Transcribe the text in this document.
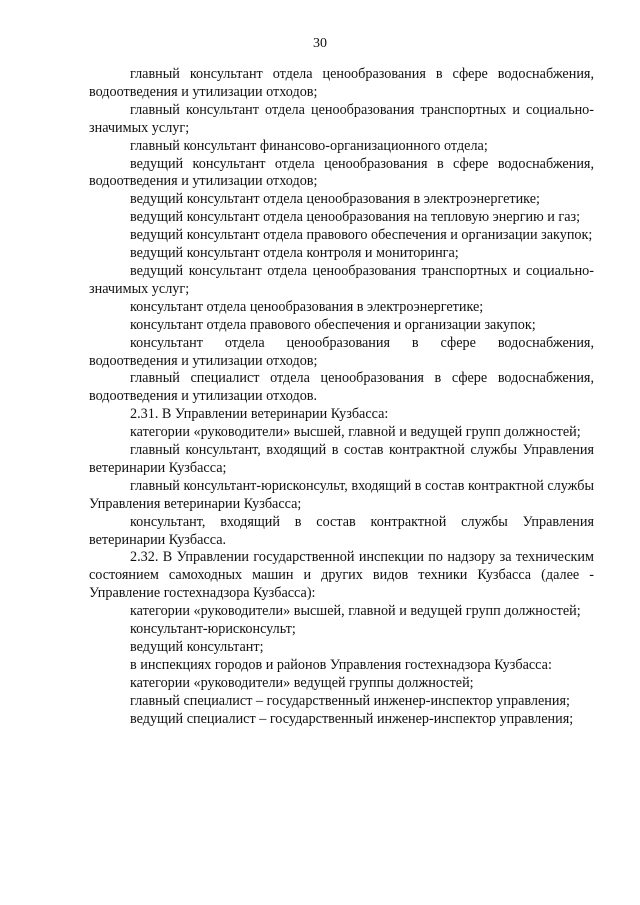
30

главный консультант отдела ценообразования в сфере водоснабжения, водоотведения и утилизации отходов;

главный консультант отдела ценообразования транспортных и социально-значимых услуг;

главный консультант финансово-организационного отдела;

ведущий консультант отдела ценообразования в сфере водоснабжения, водоотведения и утилизации отходов;

ведущий консультант отдела ценообразования в электроэнергетике;

ведущий консультант отдела ценообразования на тепловую энергию и газ;

ведущий консультант отдела правового обеспечения и организации закупок;

ведущий консультант отдела контроля и мониторинга;

ведущий консультант отдела ценообразования транспортных и социально-значимых услуг;

консультант отдела ценообразования в электроэнергетике;

консультант отдела правового обеспечения и организации закупок;

консультант отдела ценообразования в сфере водоснабжения, водоотведения и утилизации отходов;

главный специалист отдела ценообразования в сфере водоснабжения, водоотведения и утилизации отходов.

2.31. В Управлении ветеринарии Кузбасса:

категории «руководители» высшей, главной и ведущей групп должностей;

главный консультант, входящий в состав контрактной службы Управления ветеринарии Кузбасса;

главный консультант-юрисконсульт, входящий в состав контрактной службы Управления ветеринарии Кузбасса;

консультант, входящий в состав контрактной службы Управления ветеринарии Кузбасса.

2.32. В Управлении государственной инспекции по надзору за техническим состоянием самоходных машин и других видов техники Кузбасса (далее - Управление гостехнадзора Кузбасса):

категории «руководители» высшей, главной и ведущей групп должностей;

консультант-юрисконсульт;

ведущий консультант;

в инспекциях городов и районов Управления гостехнадзора Кузбасса:

категории «руководители» ведущей группы должностей;

главный специалист – государственный инженер-инспектор управления;

ведущий специалист – государственный инженер-инспектор управления;
